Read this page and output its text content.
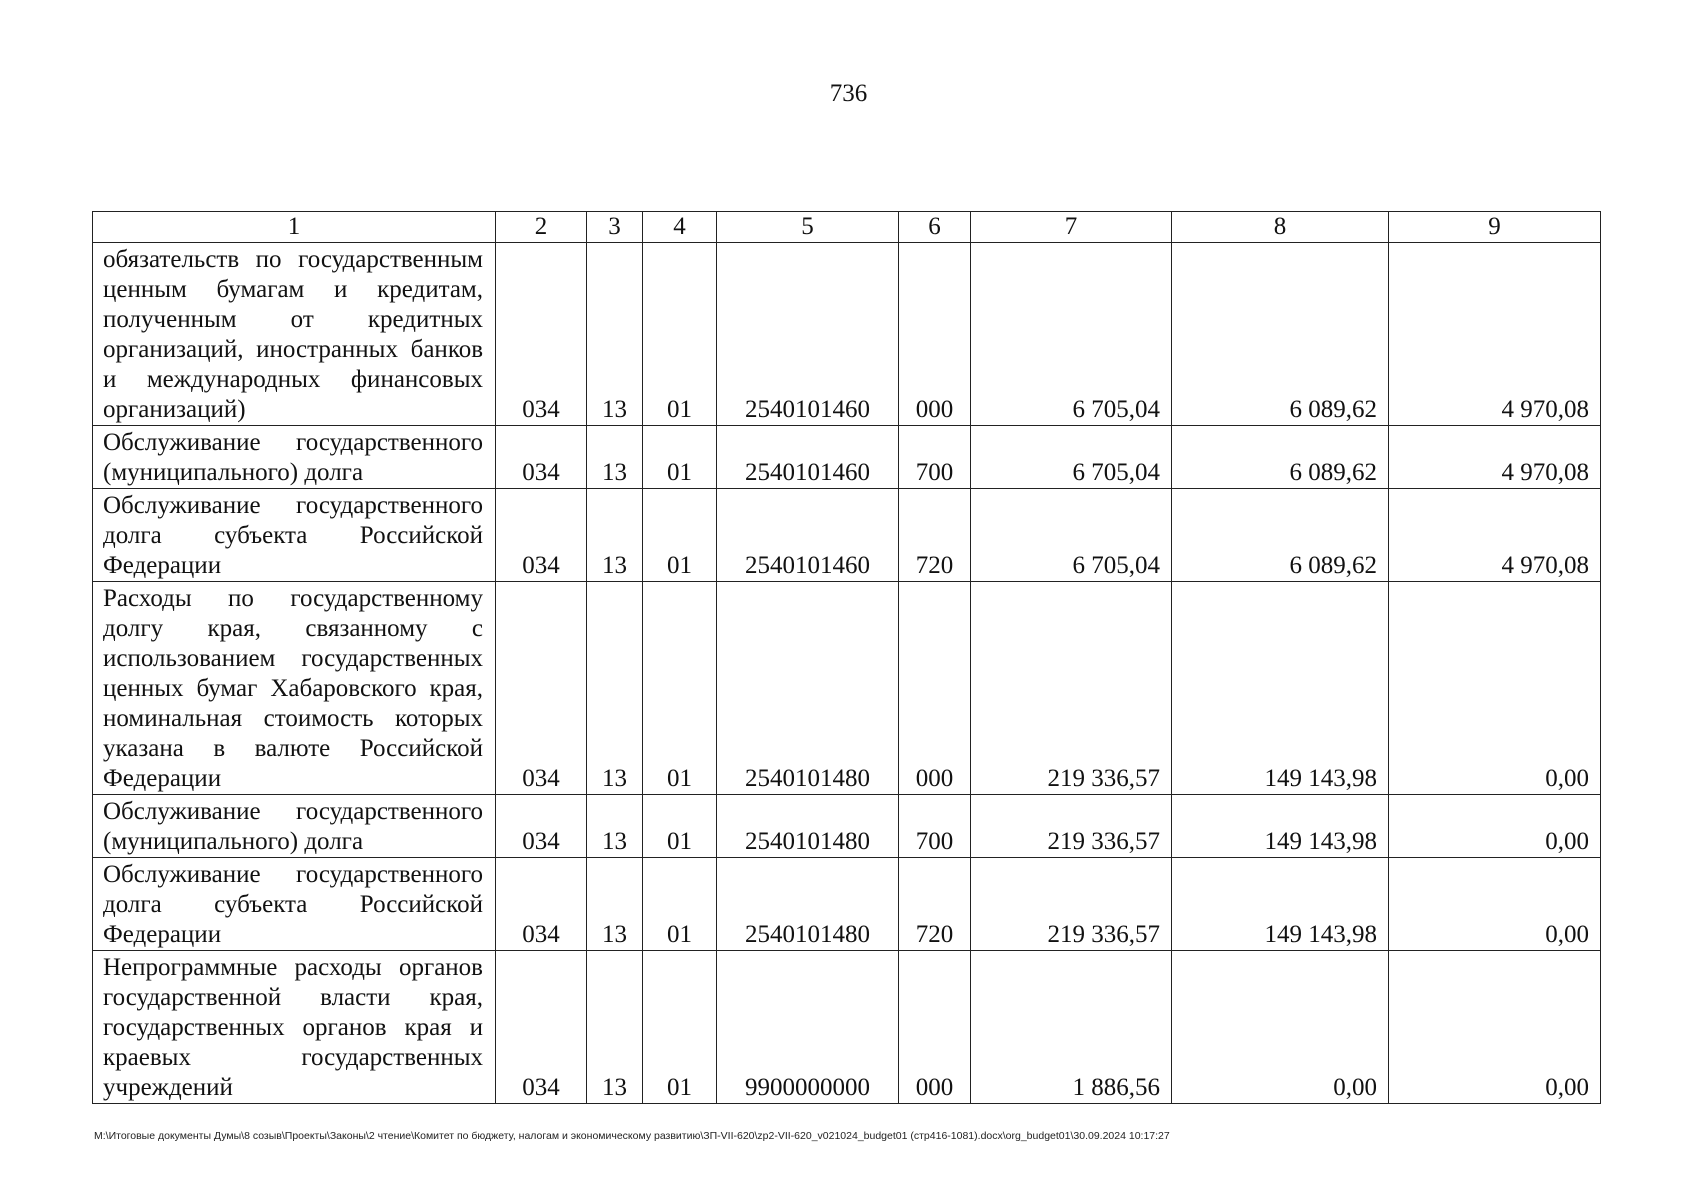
736
1	2	3	4	5	6	7	8	9
обязательств по государственным ценным бумагам и кредитам, полученным от кредитных организаций, иностранных банков и международных финансовых организаций)	034	13	01	2540101460	000	6 705,04	6 089,62	4 970,08
Обслуживание государственного (муниципального) долга	034	13	01	2540101460	700	6 705,04	6 089,62	4 970,08
Обслуживание государственного долга субъекта Российской Федерации	034	13	01	2540101460	720	6 705,04	6 089,62	4 970,08
Расходы по государственному долгу края, связанному с использованием государственных ценных бумаг Хабаровского края, номинальная стоимость которых указана в валюте Российской Федерации	034	13	01	2540101480	000	219 336,57	149 143,98	0,00
Обслуживание государственного (муниципального) долга	034	13	01	2540101480	700	219 336,57	149 143,98	0,00
Обслуживание государственного долга субъекта Российской Федерации	034	13	01	2540101480	720	219 336,57	149 143,98	0,00
Непрограммные расходы органов государственной власти края, государственных органов края и краевых государственных учреждений	034	13	01	9900000000	000	1 886,56	0,00	0,00
M:\Итоговые документы Думы\8 созыв\Проекты\Законы\2 чтение\Комитет по бюджету, налогам и экономическому развитию\ЗП-VII-620\zp2-VII-620_v021024_budget01 (стр416-1081).docx\org_budget01\30.09.2024 10:17:27
